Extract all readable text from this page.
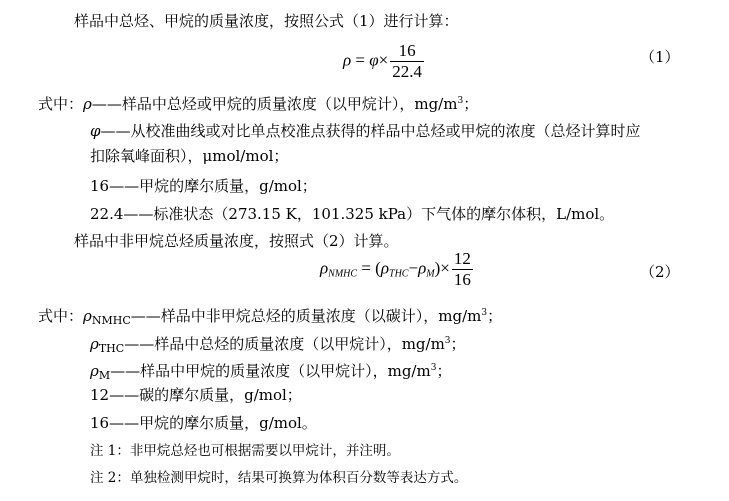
样品中总烃、甲烷的质量浓度，按照公式（1）进行计算：
$\rho = \varphi\times \frac{16}{22.4}$	（1）
式中：ρ——样品中总烃或甲烷的质量浓度（以甲烷计），$mg/m^3$；
φ——从校准曲线或对比单点校准点获得的样品中总烃或甲烷的浓度（总烃计算时应
扣除氧峰面积），μmol/mol；
16——甲烷的摩尔质量，g/mol；
22.4——标准状态（273.15 K，101.325 kPa）下气体的摩尔体积，L/mol。
样品中非甲烷总烃质量浓度，按照式（2）计算。
$\rho_{NMHC} = (\rho_{THC}-\rho_M)\times \frac{12}{16}$	（2）
式中：$\rho_{NMHC}——$样品中非甲烷总烃的质量浓度（以碳计），$mg/m^3$；
$\rho_{THC}——$样品中总烃的质量浓度（以甲烷计），$mg/m^3$；
$\rho_M——$样品中甲烷的质量浓度（以甲烷计），$mg/m^3$；
12——碳的摩尔质量，g/mol；
16——甲烷的摩尔质量，g/mol。
注 1：非甲烷总烃也可根据需要以甲烷计，并注明。
注 2：单独检测甲烷时，结果可换算为体积百分数等表达方式。
